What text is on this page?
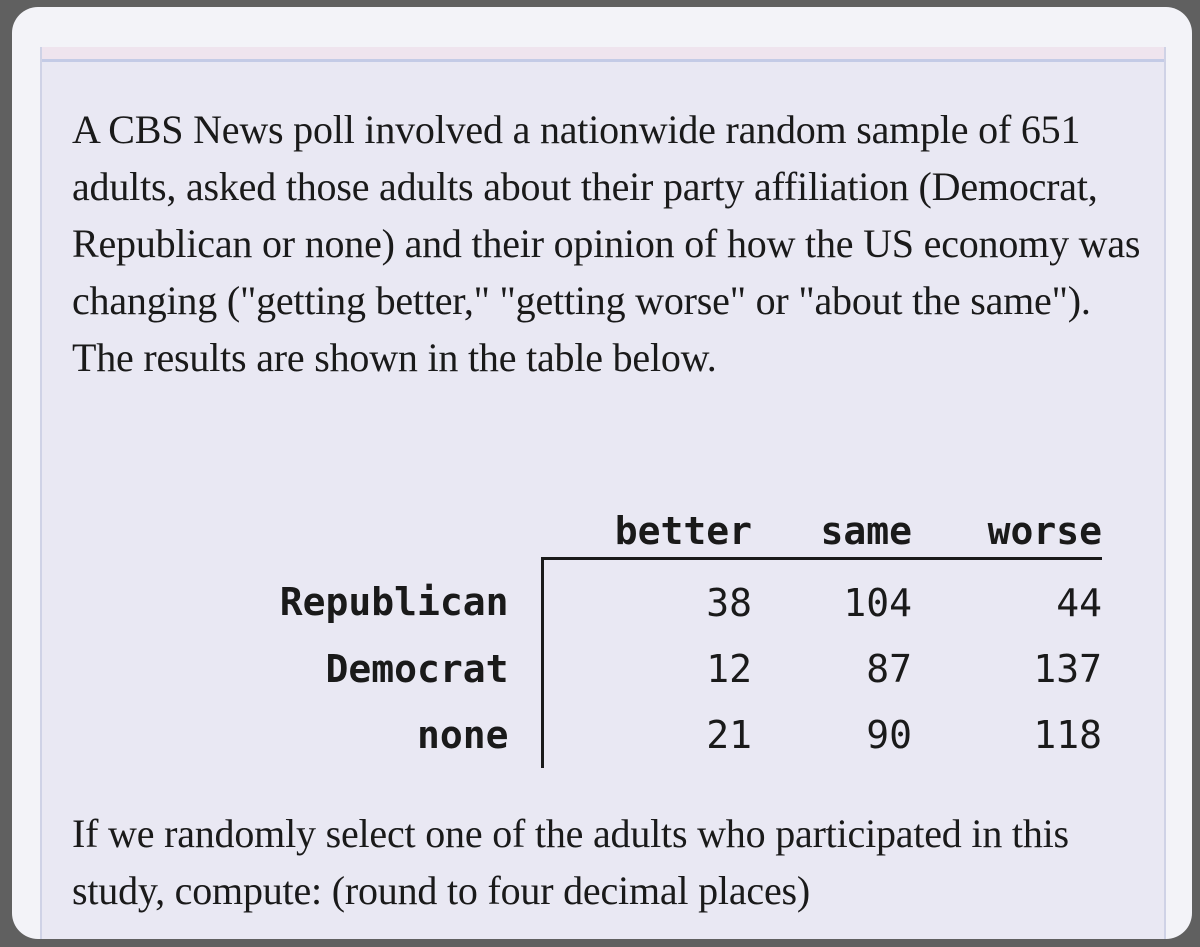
A CBS News poll involved a nationwide random sample of 651 adults, asked those adults about their party affiliation (Democrat, Republican or none) and their opinion of how the US economy was changing ("getting better," "getting worse" or "about the same"). The results are shown in the table below.

	better	same	worse
Republican	38	104	44
Democrat	12	87	137
none	21	90	118

If we randomly select one of the adults who participated in this study, compute: (round to four decimal places)
